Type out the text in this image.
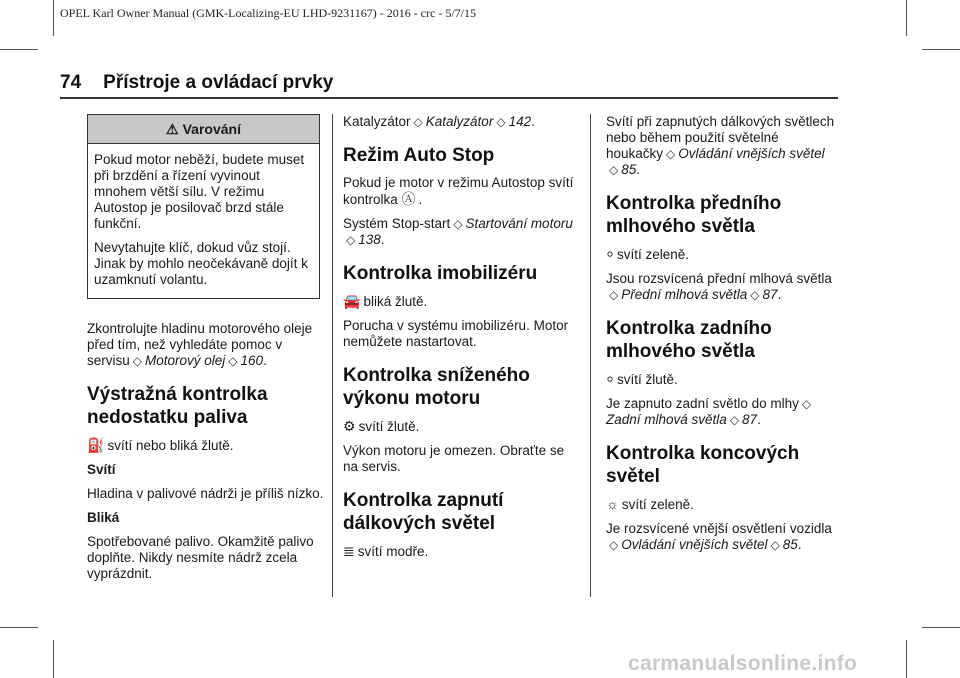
OPEL Karl Owner Manual (GMK-Localizing-EU LHD-9231167) - 2016 - crc - 5/7/15
74 Přístroje a ovládací prvky
⚠ Varování

Pokud motor neběží, budete muset při brzdění a řízení vyvinout mnohem větší sílu. V režimu Autostop je posilovač brzd stále funkční.

Nevytahujte klíč, dokud vůz stojí. Jinak by mohlo neočekávaně dojít k uzamknutí volantu.

Zkontrolujte hladinu motorového oleje před tím, než vyhledáte pomoc v servisu ◇ Motorový olej ◇ 160.

Výstražná kontrolka nedostatku paliva

⛽ svítí nebo bliká žlutě.

Svítí

Hladina v palivové nádrži je příliš nízko.

Bliká

Spotřebované palivo. Okamžitě palivo doplňte. Nikdy nesmíte nádrž zcela vyprázdnit.

Katalyzátor ◇ Katalyzátor ◇ 142.

Režim Auto Stop

Pokud je motor v režimu Autostop svítí kontrolka Ⓐ .

Systém Stop-start ◇ Startování motoru◇ 138.

Kontrolka imobilizéru

🚘 bliká žlutě.

Porucha v systému imobilizéru. Motor nemůžete nastartovat.

Kontrolka sníženého výkonu motoru

⚙ svítí žlutě.

Výkon motoru je omezen. Obraťte se na servis.

Kontrolka zapnutí dálkových světel

≣ svítí modře.

Svítí při zapnutých dálkových světlech nebo během použití světelné houkačky ◇ Ovládání vnějších světel◇ 85.

Kontrolka předního mlhového světla

⸰ svítí zeleně.

Jsou rozsvícená přední mlhová světla◇ Přední mlhová světla ◇ 87.

Kontrolka zadního mlhového světla

⸰ svítí žlutě.

Je zapnuto zadní světlo do mlhy ◇Zadní mlhová světla ◇ 87.

Kontrolka koncových světel

☼ svítí zeleně.

Je rozsvícené vnější osvětlení vozidla◇ Ovládání vnějších světel ◇ 85.

carmanualsonline.info
